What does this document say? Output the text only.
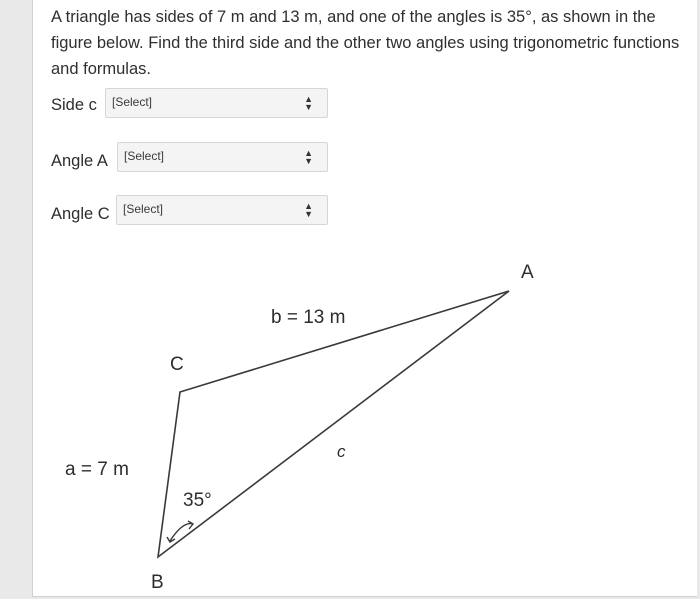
A triangle has sides of 7 m and 13 m, and one of the angles is 35°, as shown in the figure below. Find the third side and the other two angles using trigonometric functions and formulas.
Side c [Select]	▲
▼
Angle A [Select]	▲
▼
Angle C [Select]	▲
▼
A
C
B
b = 13 m
a = 7 m
c
35°
